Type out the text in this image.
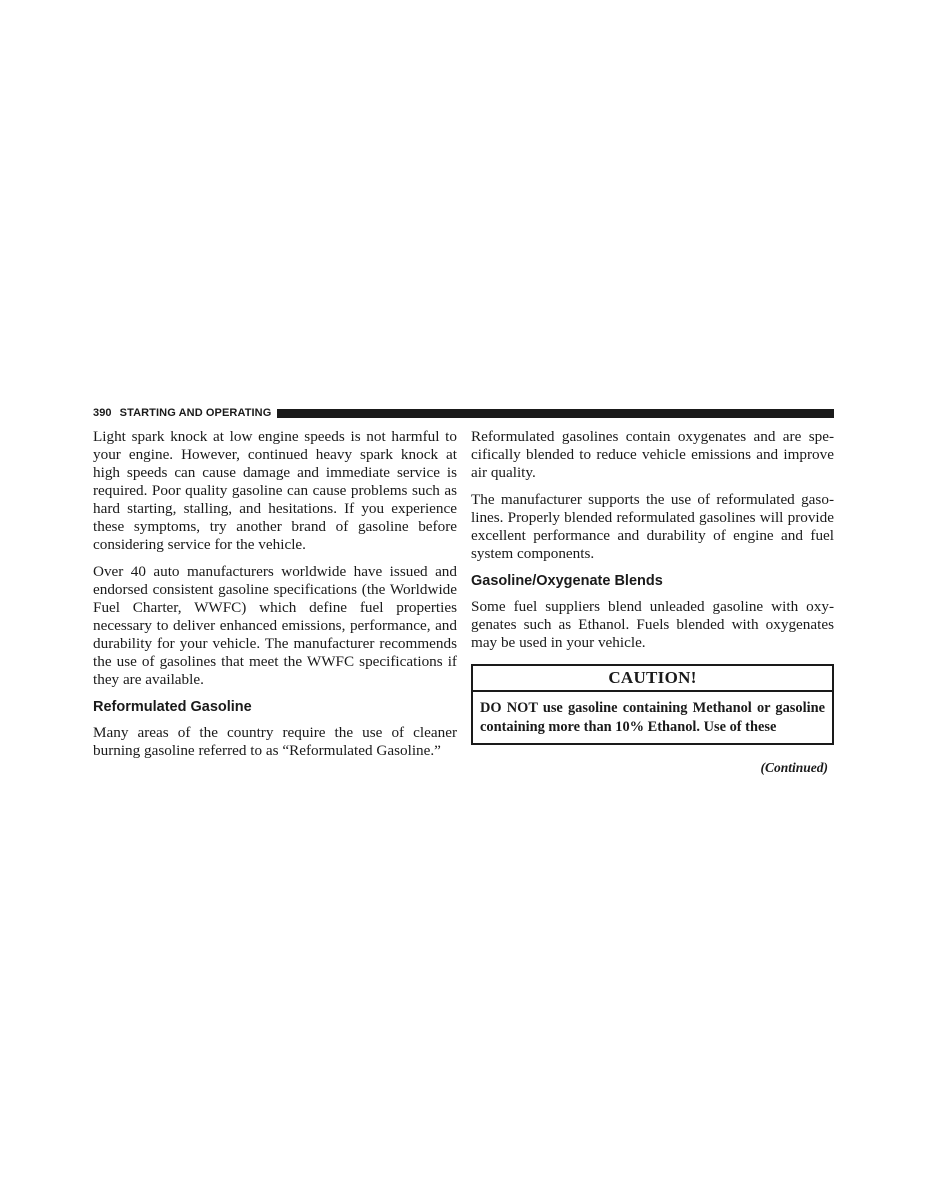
390 STARTING AND OPERATING

Light spark knock at low engine speeds is not harmful to your engine. However, continued heavy spark knock at high speeds can cause damage and immediate service is required. Poor quality gasoline can cause problems such as hard starting, stalling, and hesitations. If you experience these symptoms, try another brand of gasoline before considering service for the vehicle.

Over 40 auto manufacturers worldwide have issued and endorsed consistent gasoline specifications (the Worldwide Fuel Charter, WWFC) which define fuel properties necessary to deliver enhanced emissions, performance, and durability for your vehicle. The manufacturer recommends the use of gasolines that meet the WWFC specifications if they are available.

Reformulated Gasoline

Many areas of the country require the use of cleaner burning gasoline referred to as “Reformulated Gasoline.”

Reformulated gasolines contain oxygenates and are specifically blended to reduce vehicle emissions and improve air quality.

The manufacturer supports the use of reformulated gasolines. Properly blended reformulated gasolines will provide excellent performance and durability of engine and fuel system components.

Gasoline/Oxygenate Blends

Some fuel suppliers blend unleaded gasoline with oxygenates such as Ethanol. Fuels blended with oxygenates may be used in your vehicle.

CAUTION!
DO NOT use gasoline containing Methanol or gasoline containing more than 10% Ethanol. Use of these
(Continued)
